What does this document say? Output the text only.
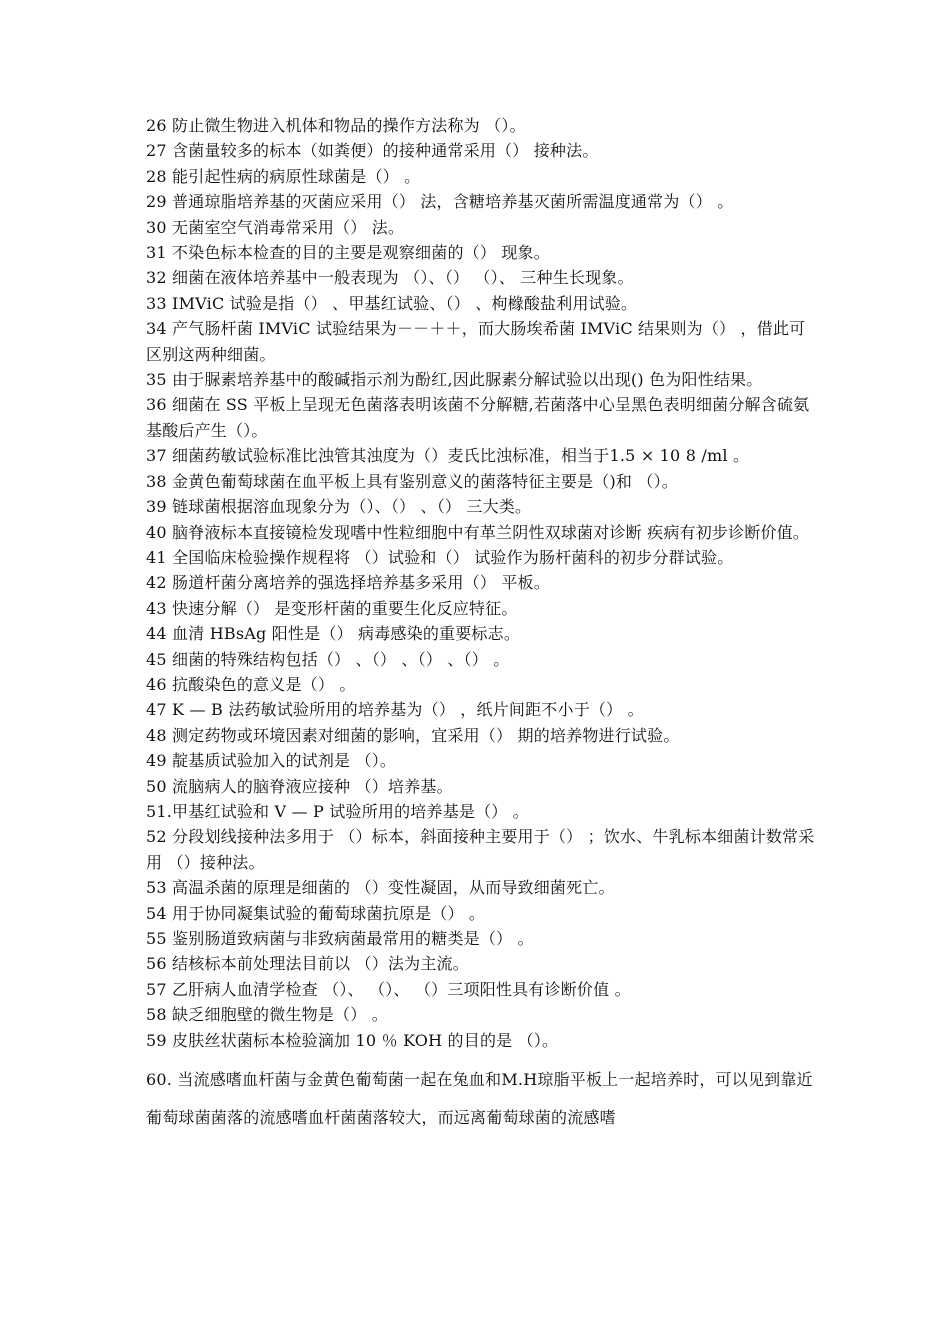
26 防止微生物进入机体和物品的操作方法称为 （）。

27 含菌量较多的标本（如粪便）的接种通常采用（） 接种法。

28 能引起性病的病原性球菌是（） 。

29 普通琼脂培养基的灭菌应采用（） 法，含糖培养基灭菌所需温度通常为（） 。

30 无菌室空气消毒常采用（） 法。

31 不染色标本检查的目的主要是观察细菌的（） 现象。

32 细菌在液体培养基中一般表现为 （）、（） （）、 三种生长现象。

33 IMViC 试验是指（） 、甲基红试验、（） 、枸橼酸盐利用试验。

34 产气肠杆菌 IMViC 试验结果为－－＋＋，而大肠埃希菌 IMViC 结果则为（） ，借此可区别这两种细菌。

35 由于脲素培养基中的酸碱指示剂为酚红,因此脲素分解试验以出现() 色为阳性结果。

36 细菌在 SS 平板上呈现无色菌落表明该菌不分解糖,若菌落中心呈黑色表明细菌分解含硫氨基酸后产生（）。

37 细菌药敏试验标准比浊管其浊度为（）麦氏比浊标准，相当于1.5 × 10 8 /ml 。

38 金黄色葡萄球菌在血平板上具有鉴别意义的菌落特征主要是（)和 （）。

39 链球菌根据溶血现象分为（）、（） 、（） 三大类。

40 脑脊液标本直接镜检发现嗜中性粒细胞中有革兰阴性双球菌对诊断 疾病有初步诊断价值。

41 全国临床检验操作规程将 （）试验和（） 试验作为肠杆菌科的初步分群试验。

42 肠道杆菌分离培养的强选择培养基多采用（） 平板。

43 快速分解（） 是变形杆菌的重要生化反应特征。

44 血清 HBsAg 阳性是（） 病毒感染的重要标志。

45 细菌的特殊结构包括（） 、（） 、（） 、（） 。

46 抗酸染色的意义是（） 。

47 K — B 法药敏试验所用的培养基为（） ，纸片间距不小于（） 。

48 测定药物或环境因素对细菌的影响，宜采用（） 期的培养物进行试验。

49 靛基质试验加入的试剂是 （）。

50 流脑病人的脑脊液应接种 （）培养基。

51.甲基红试验和 V — P 试验所用的培养基是（） 。

52 分段划线接种法多用于 （）标本，斜面接种主要用于（） ；饮水、牛乳标本细菌计数常采用 （）接种法。

53 高温杀菌的原理是细菌的 （）变性凝固，从而导致细菌死亡。

54 用于协同凝集试验的葡萄球菌抗原是（） 。

55 鉴别肠道致病菌与非致病菌最常用的糖类是（） 。

56 结核标本前处理法目前以 （）法为主流。

57 乙肝病人血清学检查 （）、 （）、 （）三项阳性具有诊断价值 。

58 缺乏细胞壁的微生物是（） 。

59 皮肤丝状菌标本检验滴加 10 ％ KOH 的目的是 （）。

60. 当流感嗜血杆菌与金黄色葡萄菌一起在兔血和M.H琼脂平板上一起培养时，可以见到靠近葡萄球菌菌落的流感嗜血杆菌菌落较大，而远离葡萄球菌的流感嗜
